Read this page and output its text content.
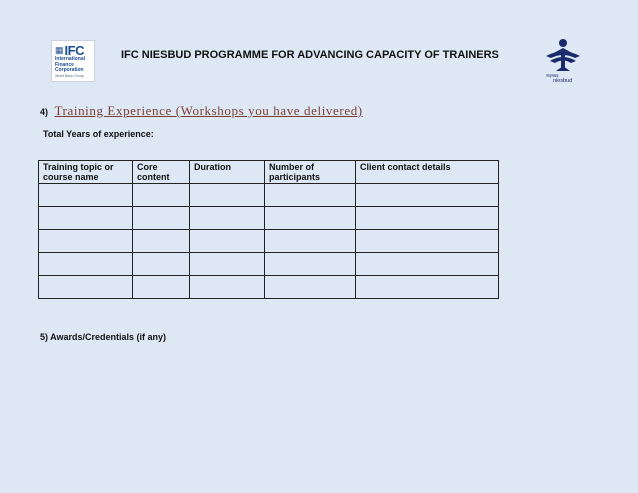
▦ IFC
International
Finance
Corporation
World Bank Group
IFC NIESBUD PROGRAMME FOR ADVANCING CAPACITY OF TRAINERS
नाइसबड़
niesbud
4) Training Experience (Workshops you have delivered)
Total Years of experience:
Training topic or course name	Core content	Duration	Number of participants	Client contact details

5) Awards/Credentials (if any)
